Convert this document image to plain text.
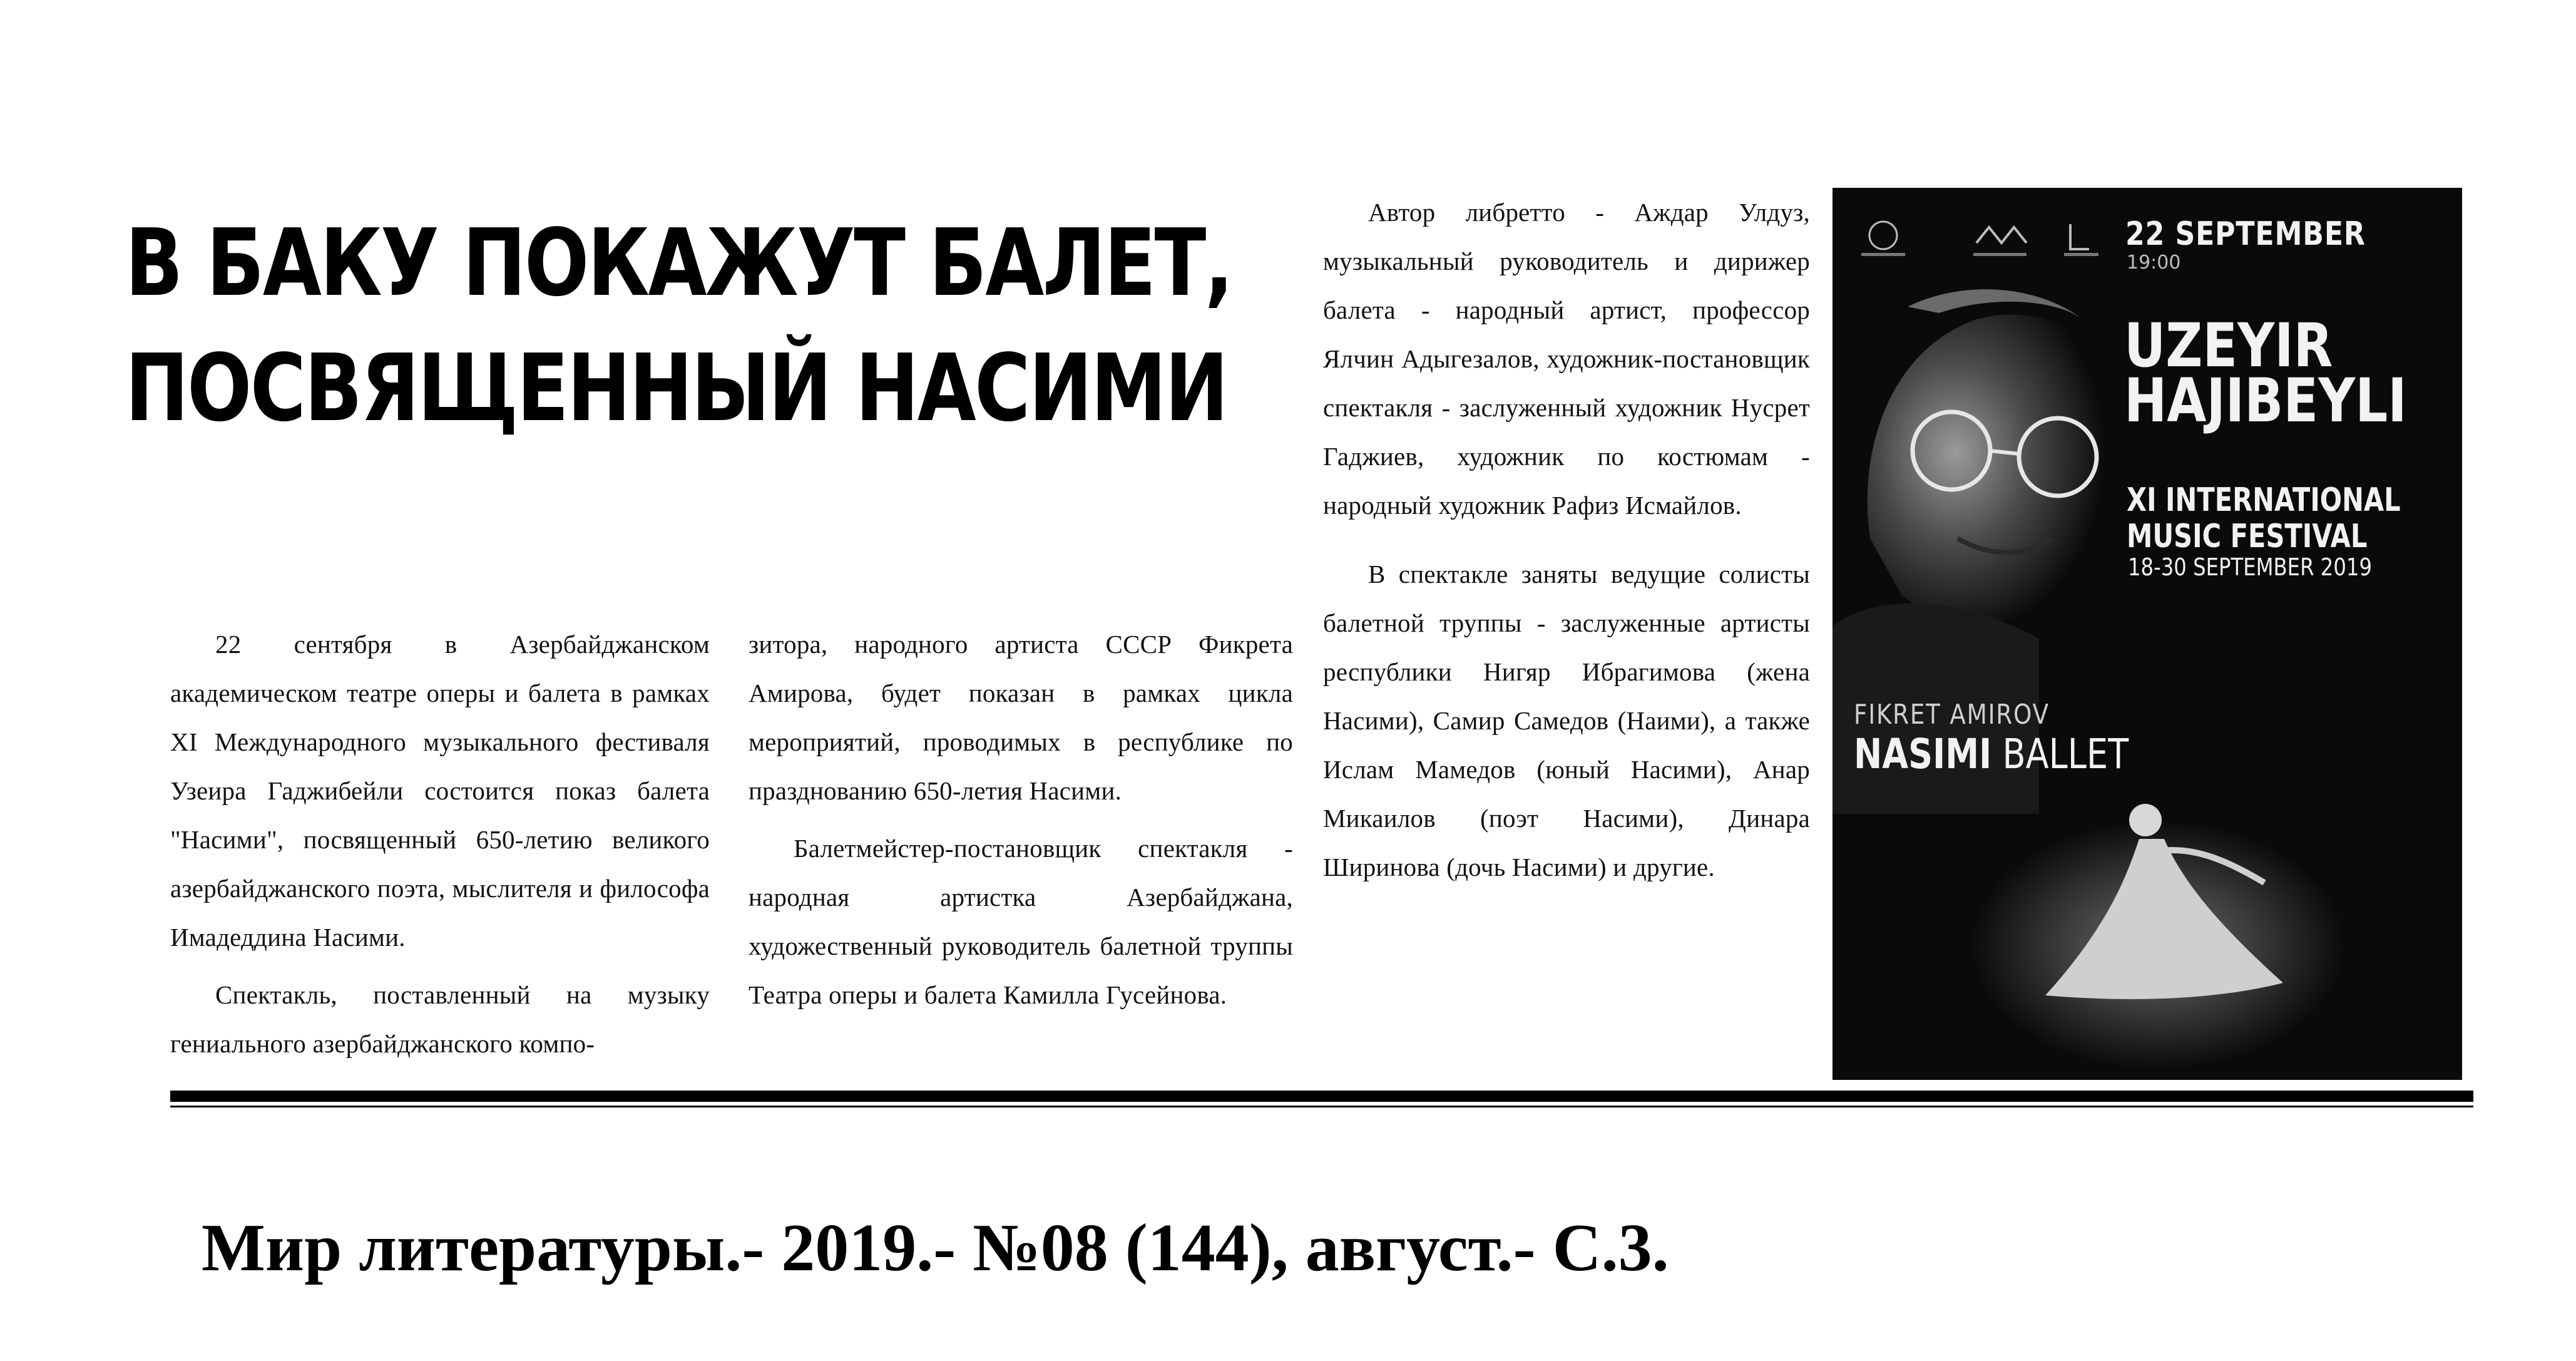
В БАКУ ПОКАЖУТ БАЛЕТ,
ПОСВЯЩЕННЫЙ НАСИМИ

22 сентября в Азербайджанском академическом театре оперы и балета в рамках XI Международного музыкального фестиваля Узеира Гаджибейли состоится показ балета "Насими", посвященный 650-летию великого азербайджанского поэта, мыслителя и философа Имадеддина Насими.

Спектакль, поставленный на музыку гениального азербайджанского компо-

зитора, народного артиста СССР Фикрета Амирова, будет показан в рамках цикла мероприятий, проводимых в республике по празднованию 650-летия Насими.

Балетмейстер-постановщик спектакля - народная артистка Азербайджана, художественный руководитель балетной труппы Театра оперы и балета Камилла Гусейнова.

Автор либретто - Аждар Улдуз, музыкальный руководитель и дирижер балета - народный артист, профессор Ялчин Адыгезалов, художник-постановщик спектакля - заслуженный художник Нусрет Гаджиев, художник по костюмам - народный художник Рафиз Исмайлов.

В спектакле заняты ведущие солисты балетной труппы - заслуженные артисты республики Нигяр Ибрагимова (жена Насими), Самир Самедов (Наими), а также Ислам Мамедов (юный Насими), Анар Микаилов (поэт Насими), Динара Ширинова (дочь Насими) и другие.

22 SEPTEMBER
19:00
UZEYIR
HAJIBEYLI
XI INTERNATIONAL
MUSIC FESTIVAL
18-30 SEPTEMBER 2019
FIKRET AMIROV
NASIMI BALLET
Мир литературы.- 2019.- №08 (144), август.- С.3.
